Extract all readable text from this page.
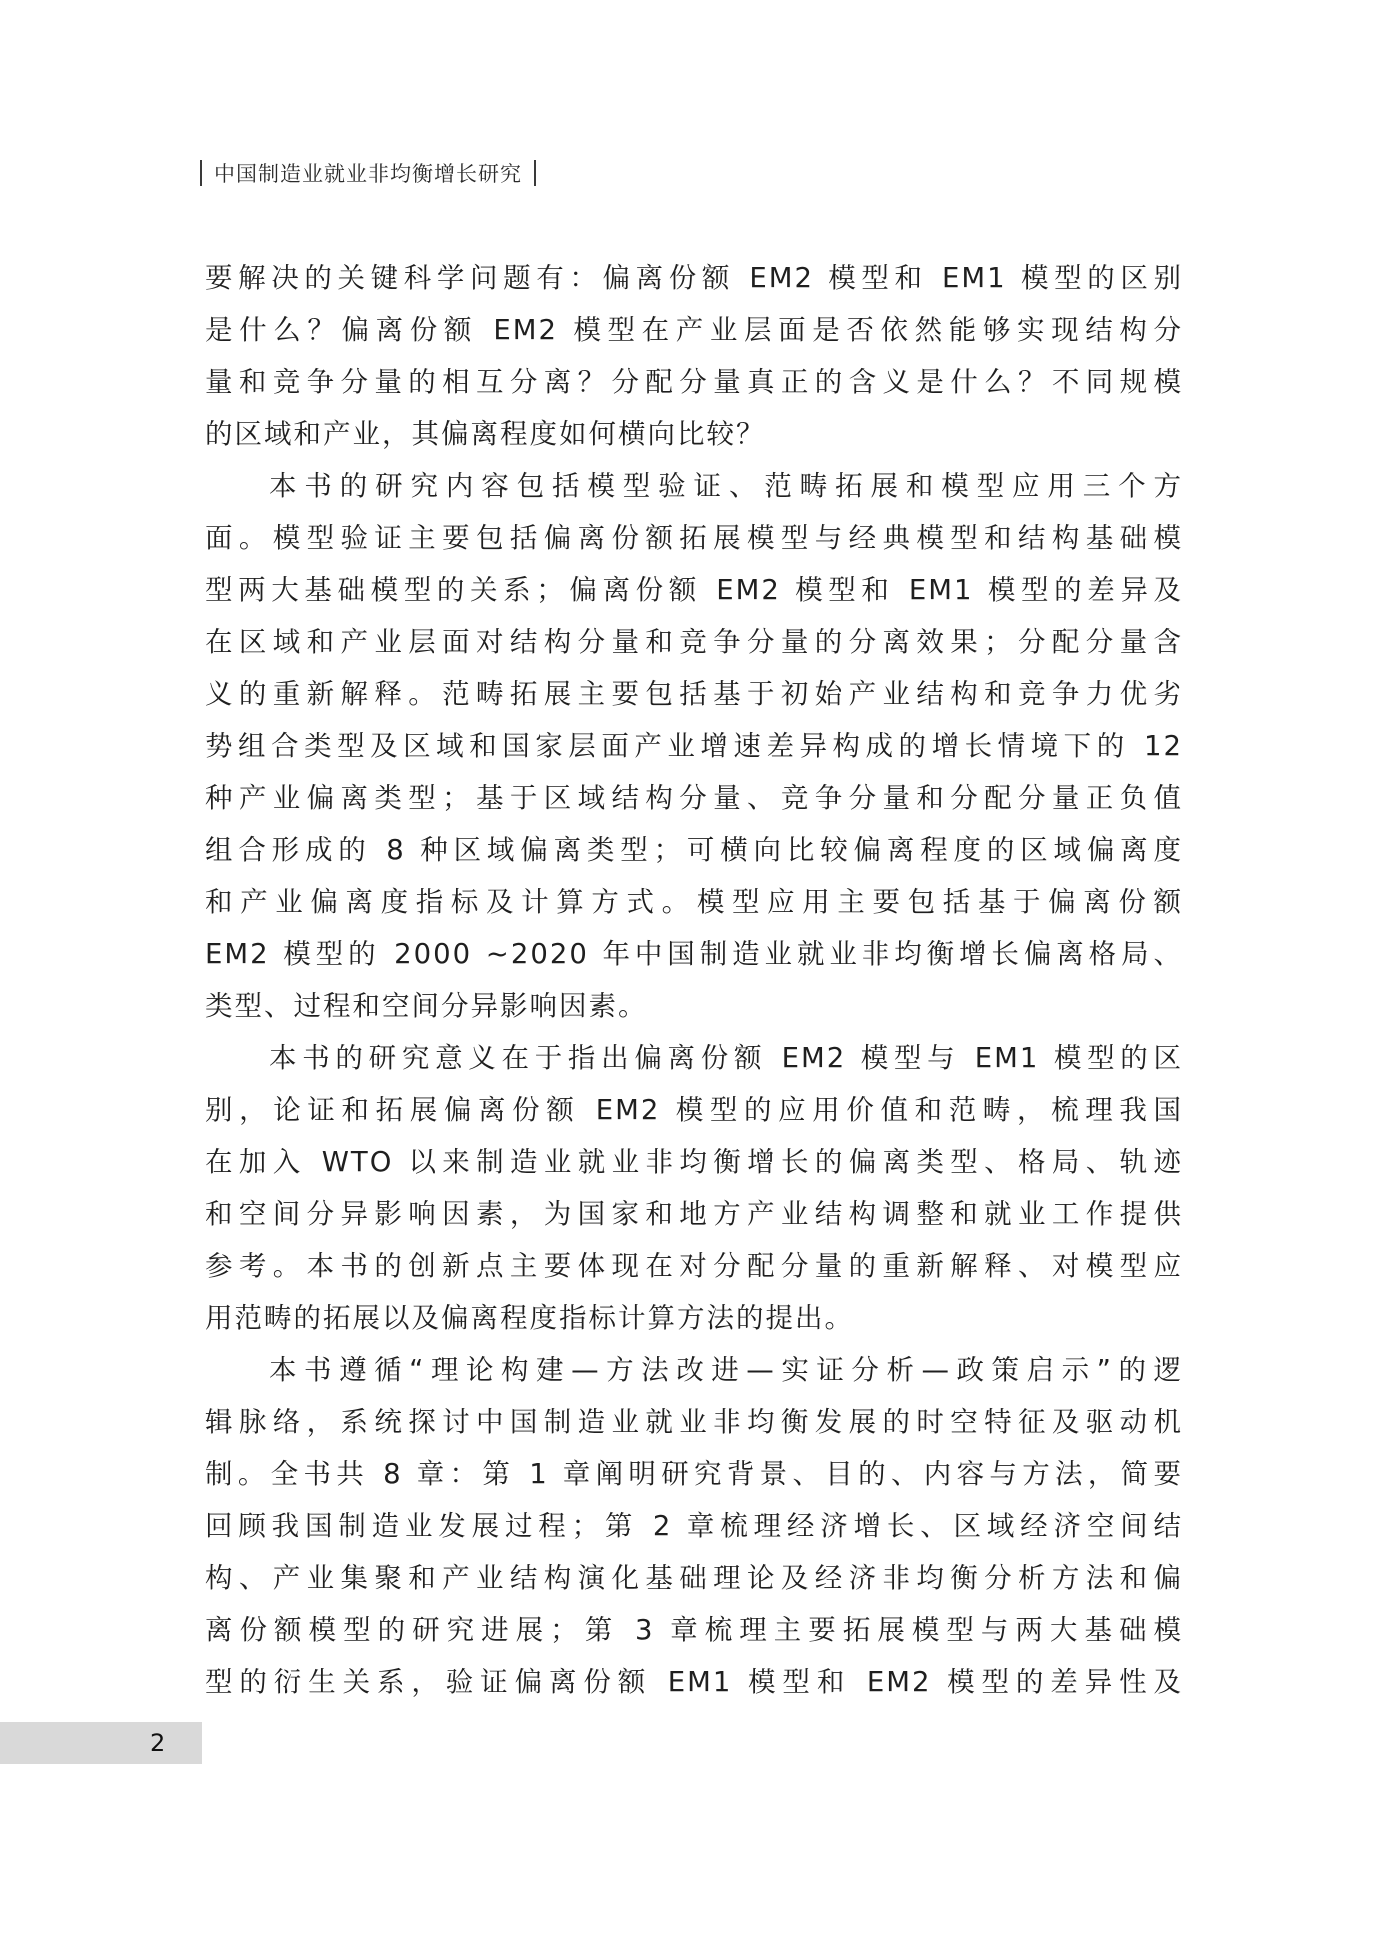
中国制造业就业非均衡增长研究
要解决的关键科学问题有：偏离份额 EM2 模型和 EM1 模型的区别
是什么？偏离份额 EM2 模型在产业层面是否依然能够实现结构分
量和竞争分量的相互分离？分配分量真正的含义是什么？不同规模
的区域和产业，其偏离程度如何横向比较？
本书的研究内容包括模型验证、范畴拓展和模型应用三个方
面。模型验证主要包括偏离份额拓展模型与经典模型和结构基础模
型两大基础模型的关系；偏离份额 EM2 模型和 EM1 模型的差异及
在区域和产业层面对结构分量和竞争分量的分离效果；分配分量含
义的重新解释。范畴拓展主要包括基于初始产业结构和竞争力优劣
势组合类型及区域和国家层面产业增速差异构成的增长情境下的 12
种产业偏离类型；基于区域结构分量、竞争分量和分配分量正负值
组合形成的 8 种区域偏离类型；可横向比较偏离程度的区域偏离度
和产业偏离度指标及计算方式。模型应用主要包括基于偏离份额
EM2 模型的 2000 ~2020 年中国制造业就业非均衡增长偏离格局、
类型、过程和空间分异影响因素。
本书的研究意义在于指出偏离份额 EM2 模型与 EM1 模型的区
别，论证和拓展偏离份额 EM2 模型的应用价值和范畴，梳理我国
在加入 WTO 以来制造业就业非均衡增长的偏离类型、格局、轨迹
和空间分异影响因素，为国家和地方产业结构调整和就业工作提供
参考。本书的创新点主要体现在对分配分量的重新解释、对模型应
用范畴的拓展以及偏离程度指标计算方法的提出。
本书遵循“理论构建—方法改进—实证分析—政策启示”的逻
辑脉络，系统探讨中国制造业就业非均衡发展的时空特征及驱动机
制。全书共 8 章：第 1 章阐明研究背景、目的、内容与方法，简要
回顾我国制造业发展过程；第 2 章梳理经济增长、区域经济空间结
构、产业集聚和产业结构演化基础理论及经济非均衡分析方法和偏
离份额模型的研究进展；第 3 章梳理主要拓展模型与两大基础模
型的衍生关系，验证偏离份额 EM1 模型和 EM2 模型的差异性及
2
